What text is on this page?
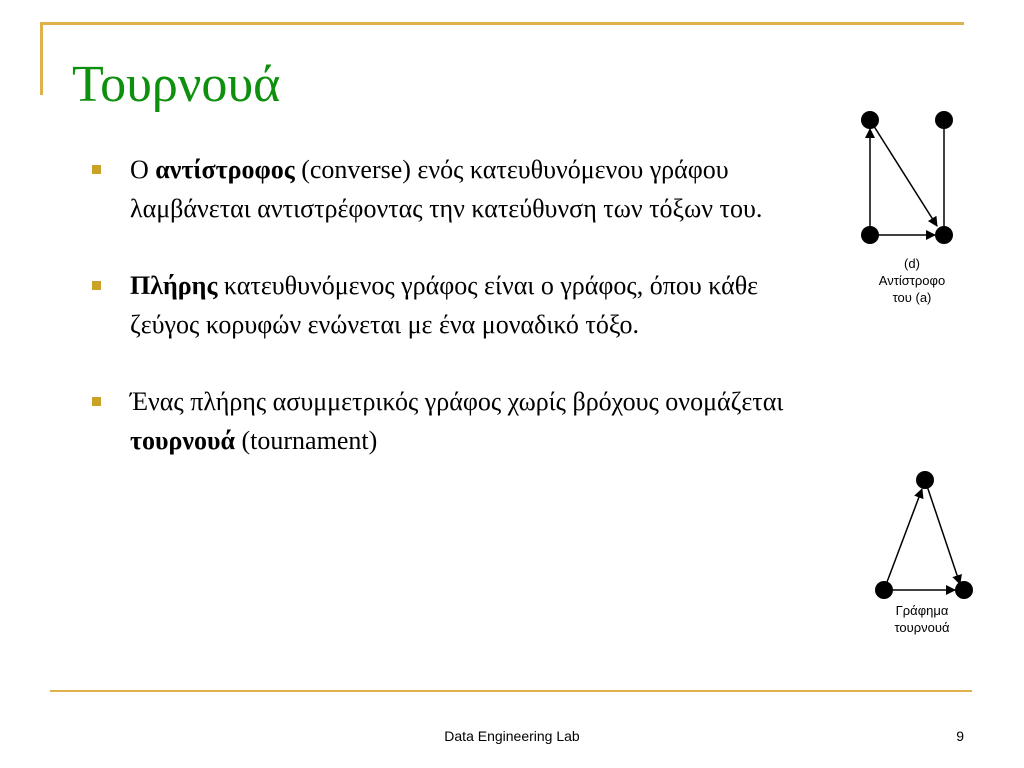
Τουρνουά
Ο αντίστροφος (converse) ενός κατευθυνόμενου γράφου λαμβάνεται αντιστρέφοντας την κατεύθυνση των τόξων του.
Πλήρης κατευθυνόμενος γράφος είναι ο γράφος, όπου κάθε ζεύγος κορυφών ενώνεται με ένα μοναδικό τόξο.
Ένας πλήρης ασυμμετρικός γράφος χωρίς βρόχους ονομάζεται τουρνουά (tournament)
(d)
Αντίστροφο
του (a)
Γράφημα
τουρνουά
Data Engineering Lab	9
